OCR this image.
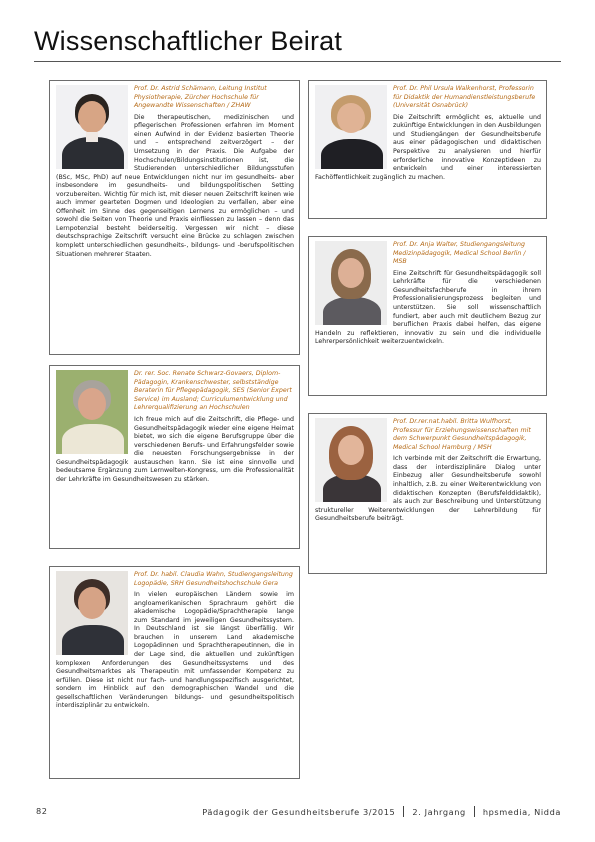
Wissenschaftlicher Beirat

Prof. Dr. Astrid Schämann, Leitung Institut Physiotherapie, Zürcher Hochschule für Angewandte Wissenschaften / ZHAW

Die therapeutischen, medizinischen und pflegerischen Professionen erfahren im Moment einen Aufwind in der Evidenz basierten Theorie und – entsprechend zeitverzögert – der Umsetzung in der Praxis. Die Aufgabe der Hochschulen/Bildungsinstitutionen ist, die Studierenden unterschiedlicher Bildungsstufen (BSc, MSc, PhD) auf neue Entwicklungen nicht nur im gesundheits- aber insbesondere im gesundheits- und bildungspolitischen Setting vorzubereiten. Wichtig für mich ist, mit dieser neuen Zeitschrift keinen wie auch immer gearteten Dogmen und Ideologien zu verfallen, aber eine Offenheit im Sinne des gegenseitigen Lernens zu ermöglichen – und sowohl die Seiten von Theorie und Praxis einfliessen zu lassen – denn das Lernpotenzial besteht beiderseitig. Vergessen wir nicht – diese deutschsprachige Zeitschrift versucht eine Brücke zu schlagen zwischen komplett unterschiedlichen gesundheits-, bildungs- und -berufspolitischen Situationen mehrerer Staaten.

Dr. rer. Soc. Renate Schwarz-Govaers, Diplom-Pädagogin, Krankenschwester, selbstständige Beraterin für Pflegepädagogik, SES (Senior Expert Service) im Ausland; Curriculumentwicklung und Lehrerqualifizierung an Hochschulen

Ich freue mich auf die Zeitschrift, die Pflege- und Gesundheitspädagogik wieder eine eigene Heimat bietet, wo sich die eigene Berufsgruppe über die verschiedenen Berufs- und Erfahrungsfelder sowie die neuesten Forschungsergebnisse in der Gesundheitspädagogik austauschen kann. Sie ist eine sinnvolle und bedeutsame Ergänzung zum Lernwelten-Kongress, um die Professionalität der Lehrkräfte im Gesundheitswesen zu stärken.

Prof. Dr. habil. Claudia Wahn, Studiengangsleitung Logopädie, SRH Gesundheitshochschule Gera

In vielen europäischen Ländern sowie im angloamerikanischen Sprachraum gehört die akademische Logopädie/Sprachtherapie lange zum Standard im jeweiligen Gesundheitssystem. In Deutschland ist sie längst überfällig. Wir brauchen in unserem Land akademische Logopädinnen und Sprachtherapeutinnen, die in der Lage sind, die aktuellen und zukünftigen komplexen Anforderungen des Gesundheitssystems und des Gesundheitsmarktes als Therapeutin mit umfassender Kompetenz zu erfüllen. Diese ist nicht nur fach- und handlungsspezifisch ausgerichtet, sondern im Hinblick auf den demographischen Wandel und die gesellschaftlichen Veränderungen bildungs- und gesundheitspolitisch interdisziplinär zu entwickeln.

Prof. Dr. Phil Ursula Walkenhorst, Professorin für Didaktik der Humandienstleistungsberufe (Universität Osnabrück)

Die Zeitschrift ermöglicht es, aktuelle und zukünftige Entwicklungen in den Ausbildungen und Studiengängen der Gesundheitsberufe aus einer pädagogischen und didaktischen Perspektive zu analysieren und hierfür erforderliche innovative Konzeptideen zu entwickeln und einer interessierten Fachöffentlichkeit zugänglich zu machen.

Prof. Dr. Anja Walter, Studiengangsleitung Medizinpädagogik, Medical School Berlin / MSB

Eine Zeitschrift für Gesundheitspädagogik soll Lehrkräfte für die verschiedenen Gesundheitsfachberufe in ihrem Professionalisierungsprozess begleiten und unterstützen. Sie soll wissenschaftlich fundiert, aber auch mit deutlichem Bezug zur beruflichen Praxis dabei helfen, das eigene Handeln zu reflektieren, innovativ zu sein und die individuelle Lehrerpersönlichkeit weiterzuentwickeln.

Prof. Dr.rer.nat.habil. Britta Wulfhorst, Professur für Erziehungswissenschaften mit dem Schwerpunkt Gesundheitspädagogik, Medical School Hamburg / MSH

Ich verbinde mit der Zeitschrift die Erwartung, dass der interdisziplinäre Dialog unter Einbezug aller Gesundheitsberufe sowohl inhaltlich, z.B. zu einer Weiterentwicklung von didaktischen Konzepten (Berufsfelddidaktik), als auch zur Beschreibung und Unterstützung struktureller Weiterentwicklungen der Lehrerbildung für Gesundheitsberufe beiträgt.

82	Pädagogik der Gesundheitsberufe 3/2015 2. Jahrgang hpsmedia, Nidda
